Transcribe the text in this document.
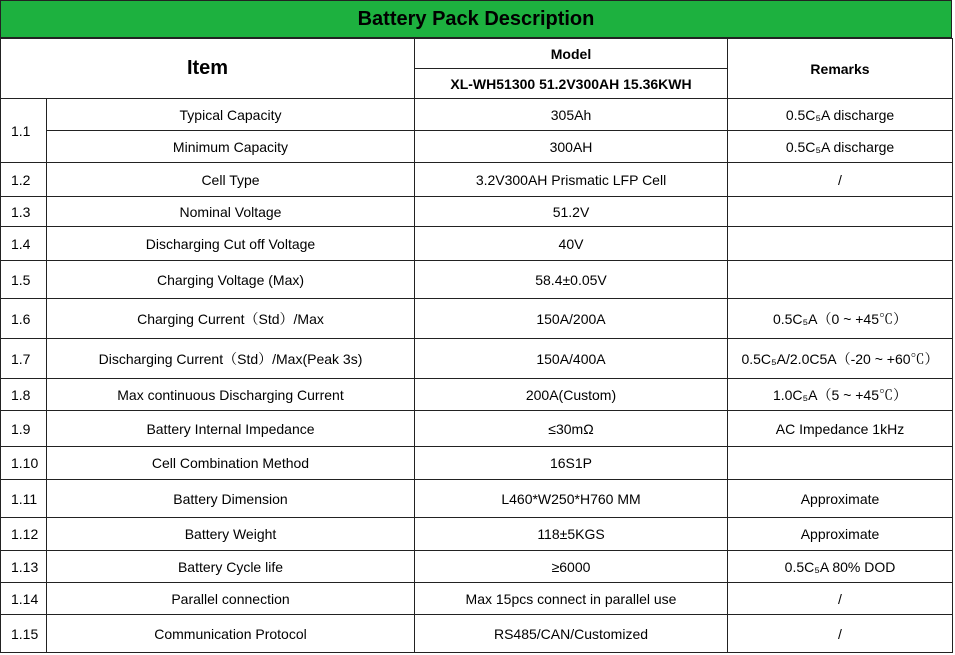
Battery Pack Description
Item		Model	Remarks
		XL-WH51300 51.2V300AH 15.36KWH	
1.1	Typical Capacity	305Ah	0.5C₅A discharge
	Minimum Capacity	300AH	0.5C₅A discharge
1.2	Cell Type	3.2V300AH Prismatic LFP Cell	/
1.3	Nominal Voltage	51.2V	
1.4	Discharging Cut off Voltage	40V	
1.5	Charging Voltage (Max)	58.4±0.05V	
1.6	Charging Current（Std）/Max	150A/200A	0.5C₅A（0 ~ +45℃）
1.7	Discharging Current（Std）/Max(Peak 3s)	150A/400A	0.5C₅A/2.0C5A（-20 ~ +60℃）
1.8	Max continuous Discharging Current	200A(Custom)	1.0C₅A（5 ~ +45℃）
1.9	Battery Internal Impedance	≤30mΩ	AC Impedance 1kHz
1.10	Cell Combination Method	16S1P	
1.11	Battery Dimension	L460*W250*H760 MM	Approximate
1.12	Battery Weight	118±5KGS	Approximate
1.13	Battery Cycle life	≥6000	0.5C₅A 80% DOD
1.14	Parallel connection	Max 15pcs connect in parallel use	/
1.15	Communication Protocol	RS485/CAN/Customized	/
